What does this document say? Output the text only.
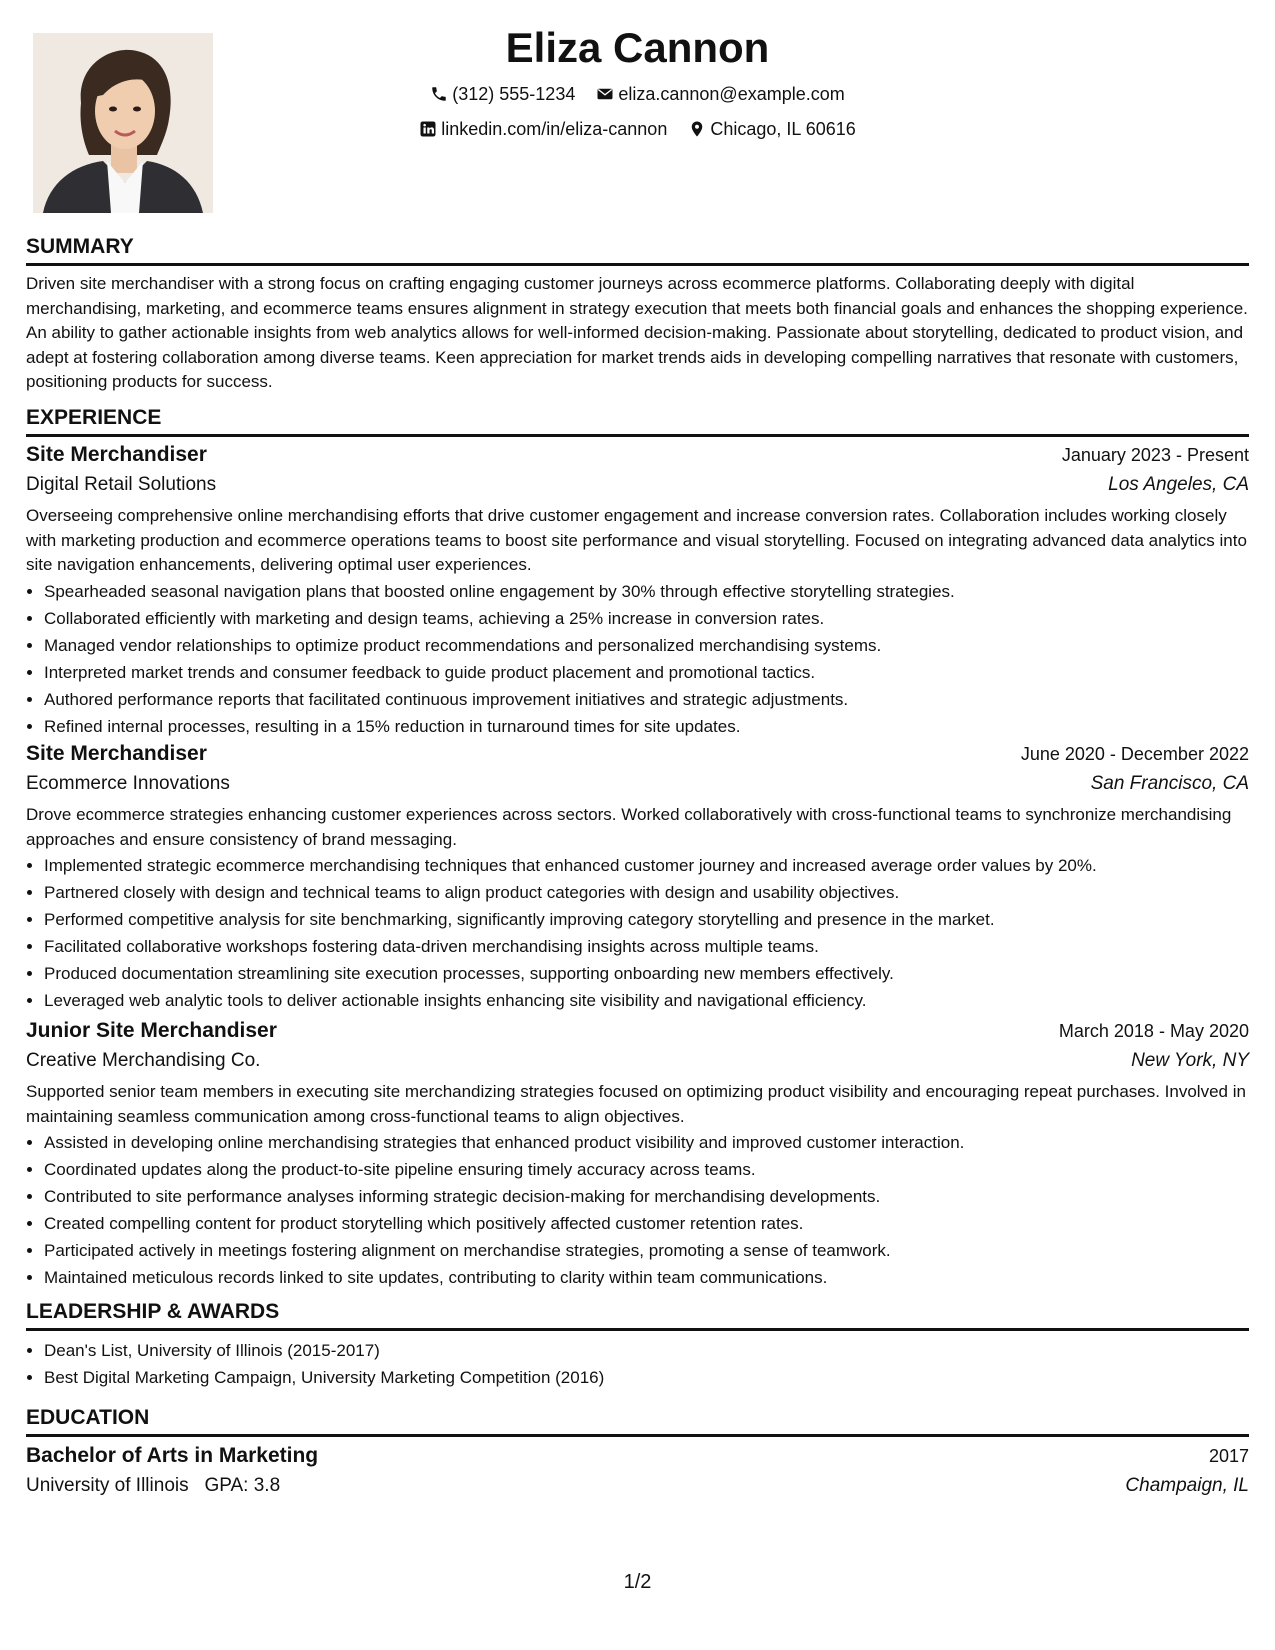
Eliza Cannon
(312) 555-1234
eliza.cannon@example.com
linkedin.com/in/eliza-cannon
Chicago, IL 60616
SUMMARY
Driven site merchandiser with a strong focus on crafting engaging customer journeys across ecommerce platforms. Collaborating deeply with digital merchandising, marketing, and ecommerce teams ensures alignment in strategy execution that meets both financial goals and enhances the shopping experience. An ability to gather actionable insights from web analytics allows for well-informed decision-making. Passionate about storytelling, dedicated to product vision, and adept at fostering collaboration among diverse teams. Keen appreciation for market trends aids in developing compelling narratives that resonate with customers, positioning products for success.
EXPERIENCE
Site Merchandiser	January 2023 - Present
Digital Retail Solutions	Los Angeles, CA
Overseeing comprehensive online merchandising efforts that drive customer engagement and increase conversion rates. Collaboration includes working closely with marketing production and ecommerce operations teams to boost site performance and visual storytelling. Focused on integrating advanced data analytics into site navigation enhancements, delivering optimal user experiences.
• Spearheaded seasonal navigation plans that boosted online engagement by 30% through effective storytelling strategies.
• Collaborated efficiently with marketing and design teams, achieving a 25% increase in conversion rates.
• Managed vendor relationships to optimize product recommendations and personalized merchandising systems.
• Interpreted market trends and consumer feedback to guide product placement and promotional tactics.
• Authored performance reports that facilitated continuous improvement initiatives and strategic adjustments.
• Refined internal processes, resulting in a 15% reduction in turnaround times for site updates.
Site Merchandiser	June 2020 - December 2022
Ecommerce Innovations	San Francisco, CA
Drove ecommerce strategies enhancing customer experiences across sectors. Worked collaboratively with cross-functional teams to synchronize merchandising approaches and ensure consistency of brand messaging.
• Implemented strategic ecommerce merchandising techniques that enhanced customer journey and increased average order values by 20%.
• Partnered closely with design and technical teams to align product categories with design and usability objectives.
• Performed competitive analysis for site benchmarking, significantly improving category storytelling and presence in the market.
• Facilitated collaborative workshops fostering data-driven merchandising insights across multiple teams.
• Produced documentation streamlining site execution processes, supporting onboarding new members effectively.
• Leveraged web analytic tools to deliver actionable insights enhancing site visibility and navigational efficiency.
Junior Site Merchandiser	March 2018 - May 2020
Creative Merchandising Co.	New York, NY
Supported senior team members in executing site merchandizing strategies focused on optimizing product visibility and encouraging repeat purchases. Involved in maintaining seamless communication among cross-functional teams to align objectives.
• Assisted in developing online merchandising strategies that enhanced product visibility and improved customer interaction.
• Coordinated updates along the product-to-site pipeline ensuring timely accuracy across teams.
• Contributed to site performance analyses informing strategic decision-making for merchandising developments.
• Created compelling content for product storytelling which positively affected customer retention rates.
• Participated actively in meetings fostering alignment on merchandise strategies, promoting a sense of teamwork.
• Maintained meticulous records linked to site updates, contributing to clarity within team communications.
LEADERSHIP & AWARDS
• Dean's List, University of Illinois (2015-2017)
• Best Digital Marketing Campaign, University Marketing Competition (2016)
EDUCATION
Bachelor of Arts in Marketing	2017
University of Illinois GPA: 3.8	Champaign, IL
1/2
